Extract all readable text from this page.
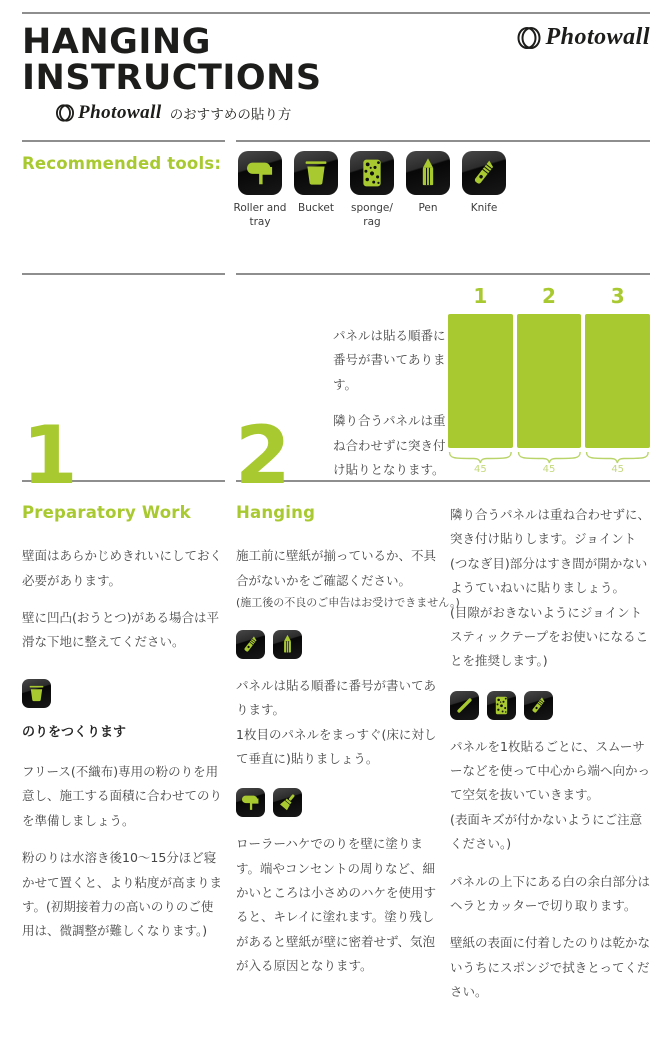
HANGING
INSTRUCTIONS
Photowall
Photowall のおすすめの貼り方
Recommended tools:
Roller and tray
Bucket	sponge/ rag
Pen	Knife
1 2

パネルは貼る順番に番号が書いてあります。

隣り合うパネルは重ね合わせずに突き付け貼りとなります。

1	2	3
45	45	45
Preparatory Work

壁面はあらかじめきれいにしておく必要があります。

壁に凹凸(おうとつ)がある場合は平滑な下地に整えてください。

のりをつくります

フリース(不織布)専用の粉のりを用意し、施工する面積に合わせてのりを準備しましょう。

粉のりは水溶き後10〜15分ほど寝かせて置くと、より粘度が高まります。(初期接着力の高いのりのご使用は、微調整が難しくなります。)

Hanging

施工前に壁紙が揃っているか、不具合がないかをご確認ください。

(施工後の不良のご申告はお受けできません。)

パネルは貼る順番に番号が書いてあります。

1枚目のパネルをまっすぐ(床に対して垂直に)貼りましょう。

ローラーハケでのりを壁に塗ります。端やコンセントの周りなど、細かいところは小さめのハケを使用すると、キレイに塗れます。塗り残しがあると壁紙が壁に密着せず、気泡が入る原因となります。

隣り合うパネルは重ね合わせずに、突き付け貼りします。ジョイント(つなぎ目)部分はすき間が開かないようていねいに貼りましょう。

(目隙がおきないようにジョイントスティックテープをお使いになることを推奨します。)

パネルを1枚貼るごとに、スムーサーなどを使って中心から端へ向かって空気を抜いていきます。

(表面キズが付かないようにご注意ください。)

パネルの上下にある白の余白部分はヘラとカッターで切り取ります。

壁紙の表面に付着したのりは乾かないうちにスポンジで拭きとってください。
